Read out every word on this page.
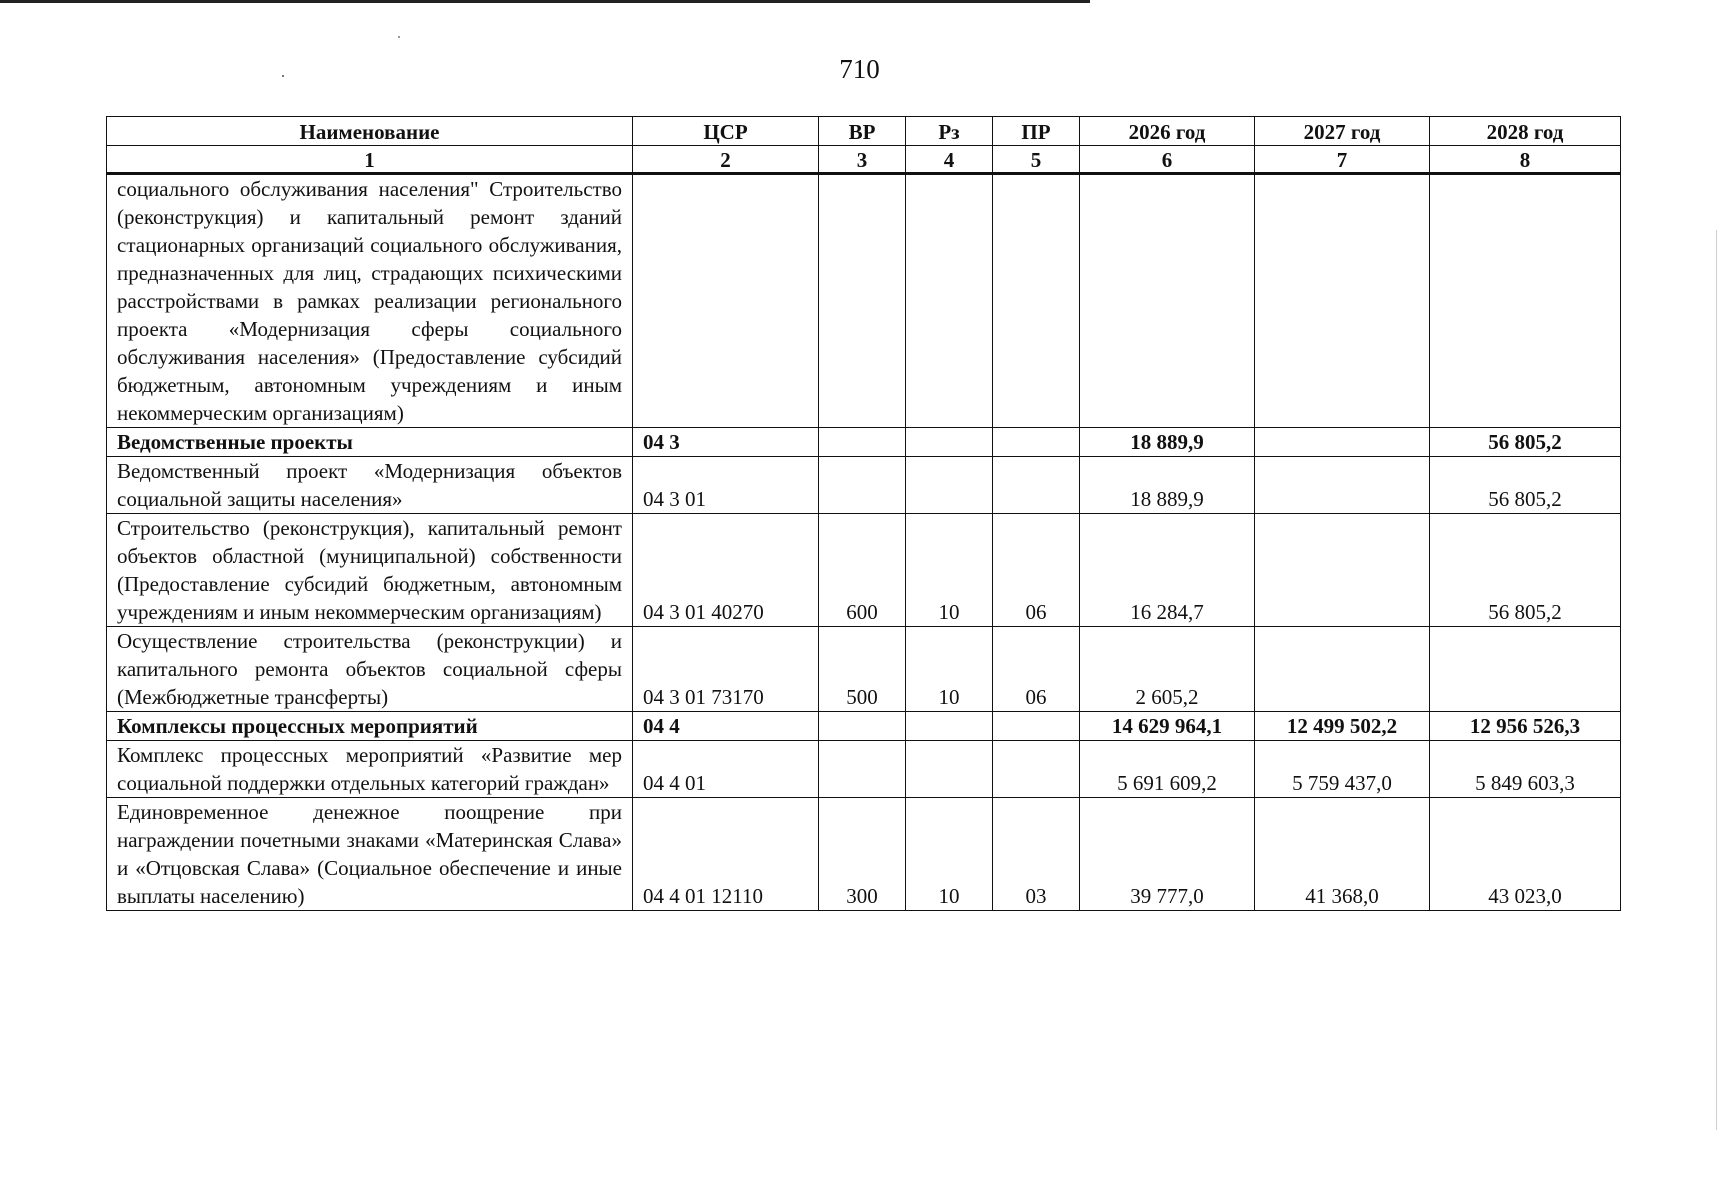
710
Наименование	ЦСР	ВР	Рз	ПР	2026 год	2027 год	2028 год
1	2	3	4	5	6	7	8
социального обслуживания населения" Строительство (реконструкция) и капитальный ремонт зданий стационарных организаций социального обслуживания, предназначенных для лиц, страдающих психическими расстройствами в рамках реализации регионального проекта «Модернизация сферы социального обслуживания населения» (Предоставление субсидий бюджетным, автономным учреждениям и иным некоммерческим организациям)							
Ведомственные проекты	04 3				18 889,9		56 805,2
Ведомственный проект «Модернизация объектов социальной защиты населения»	04 3 01				18 889,9		56 805,2
Строительство (реконструкция), капитальный ремонт объектов областной (муниципальной) собственности (Предоставление субсидий бюджетным, автономным учреждениям и иным некоммерческим организациям)	04 3 01 40270	600	10	06	16 284,7		56 805,2
Осуществление строительства (реконструкции) и капитального ремонта объектов социальной сферы (Межбюджетные трансферты)	04 3 01 73170	500	10	06	2 605,2		
Комплексы процессных мероприятий	04 4				14 629 964,1	12 499 502,2	12 956 526,3
Комплекс процессных мероприятий «Развитие мер социальной поддержки отдельных категорий граждан»	04 4 01				5 691 609,2	5 759 437,0	5 849 603,3
Единовременное денежное поощрение при награждении почетными знаками «Материнская Слава» и «Отцовская Слава» (Социальное обеспечение и иные выплаты населению)	04 4 01 12110	300	10	03	39 777,0	41 368,0	43 023,0
